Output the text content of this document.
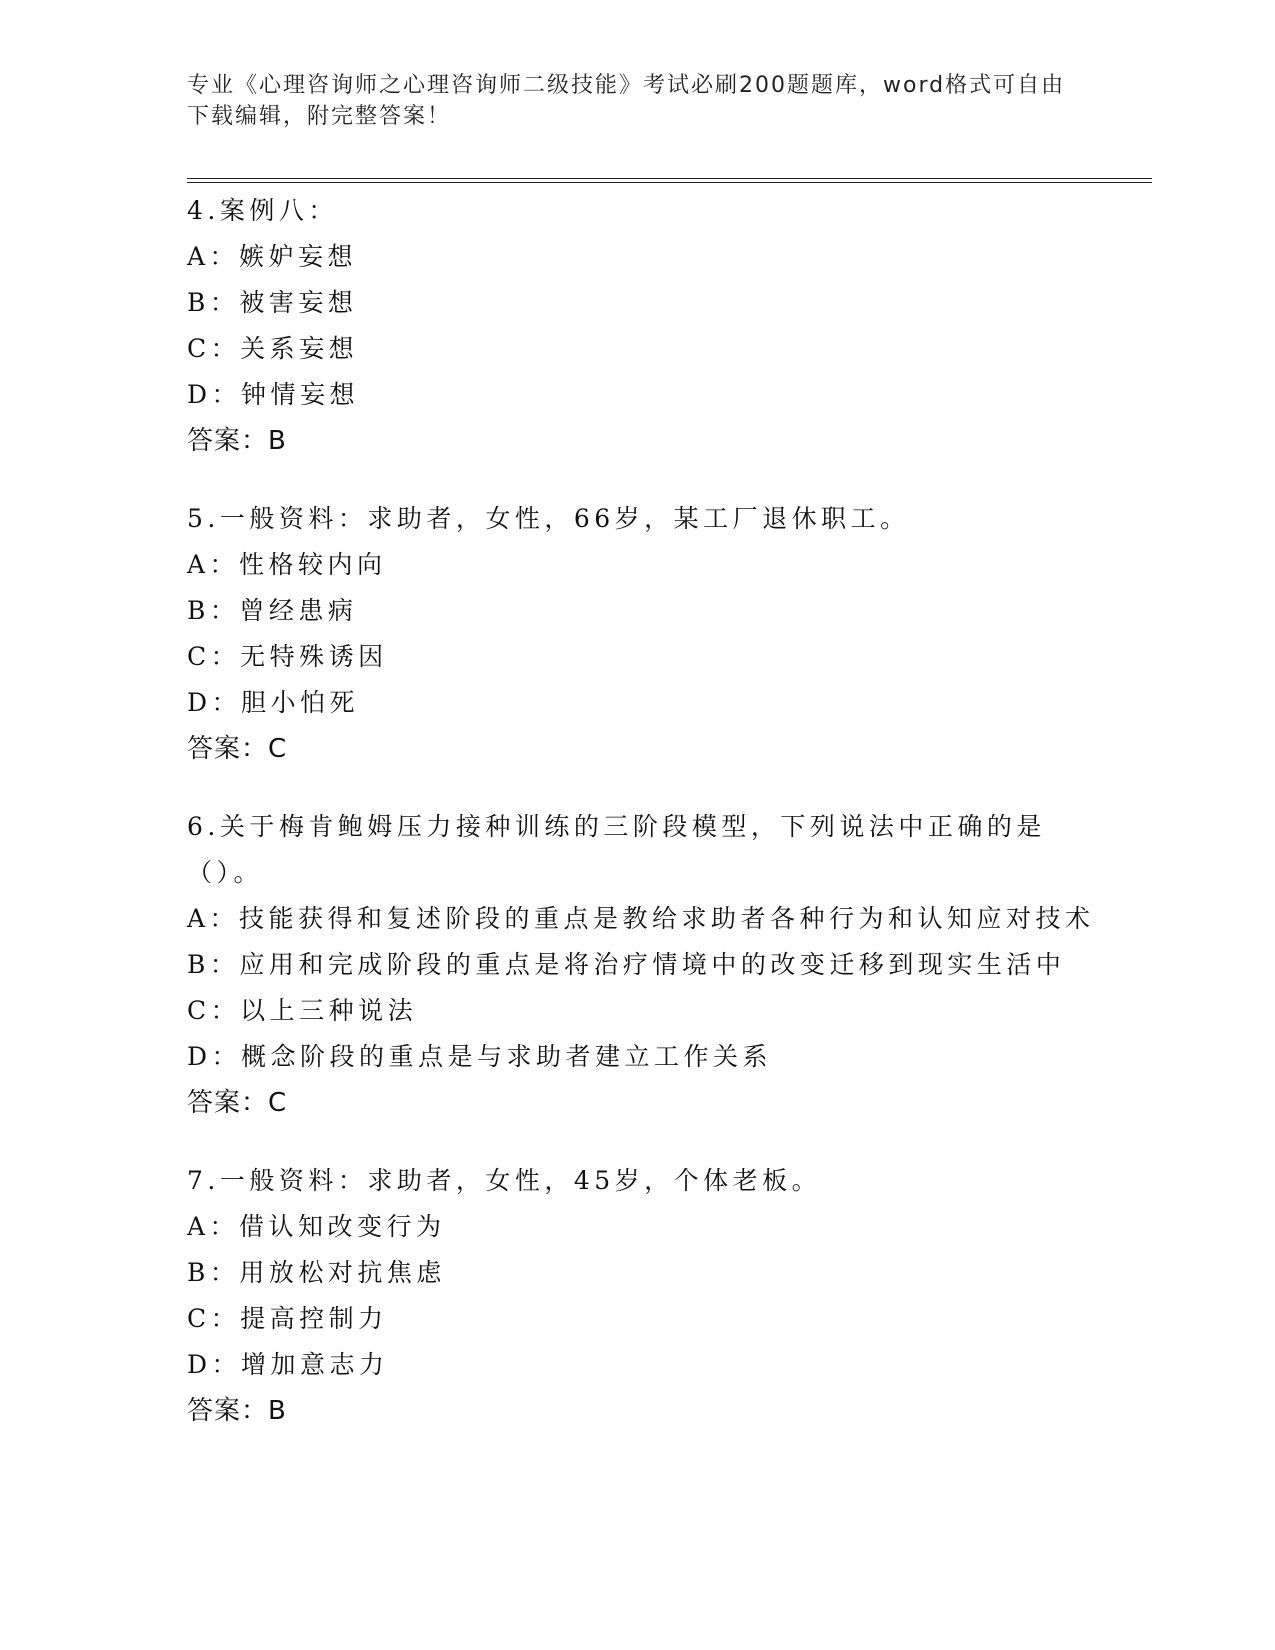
专业《心理咨询师之心理咨询师二级技能》考试必刷200题题库，word格式可自由下载编辑，附完整答案！
4.案例八：
A：嫉妒妄想
B：被害妄想
C：关系妄想
D：钟情妄想
答案：B
5.一般资料：求助者，女性，66岁，某工厂退休职工。
A：性格较内向
B：曾经患病
C：无特殊诱因
D：胆小怕死
答案：C
6.关于梅肯鲍姆压力接种训练的三阶段模型，下列说法中正确的是（）。
A：技能获得和复述阶段的重点是教给求助者各种行为和认知应对技术
B：应用和完成阶段的重点是将治疗情境中的改变迁移到现实生活中
C：以上三种说法
D：概念阶段的重点是与求助者建立工作关系
答案：C
7.一般资料：求助者，女性，45岁，个体老板。
A：借认知改变行为
B：用放松对抗焦虑
C：提高控制力
D：增加意志力
答案：B
